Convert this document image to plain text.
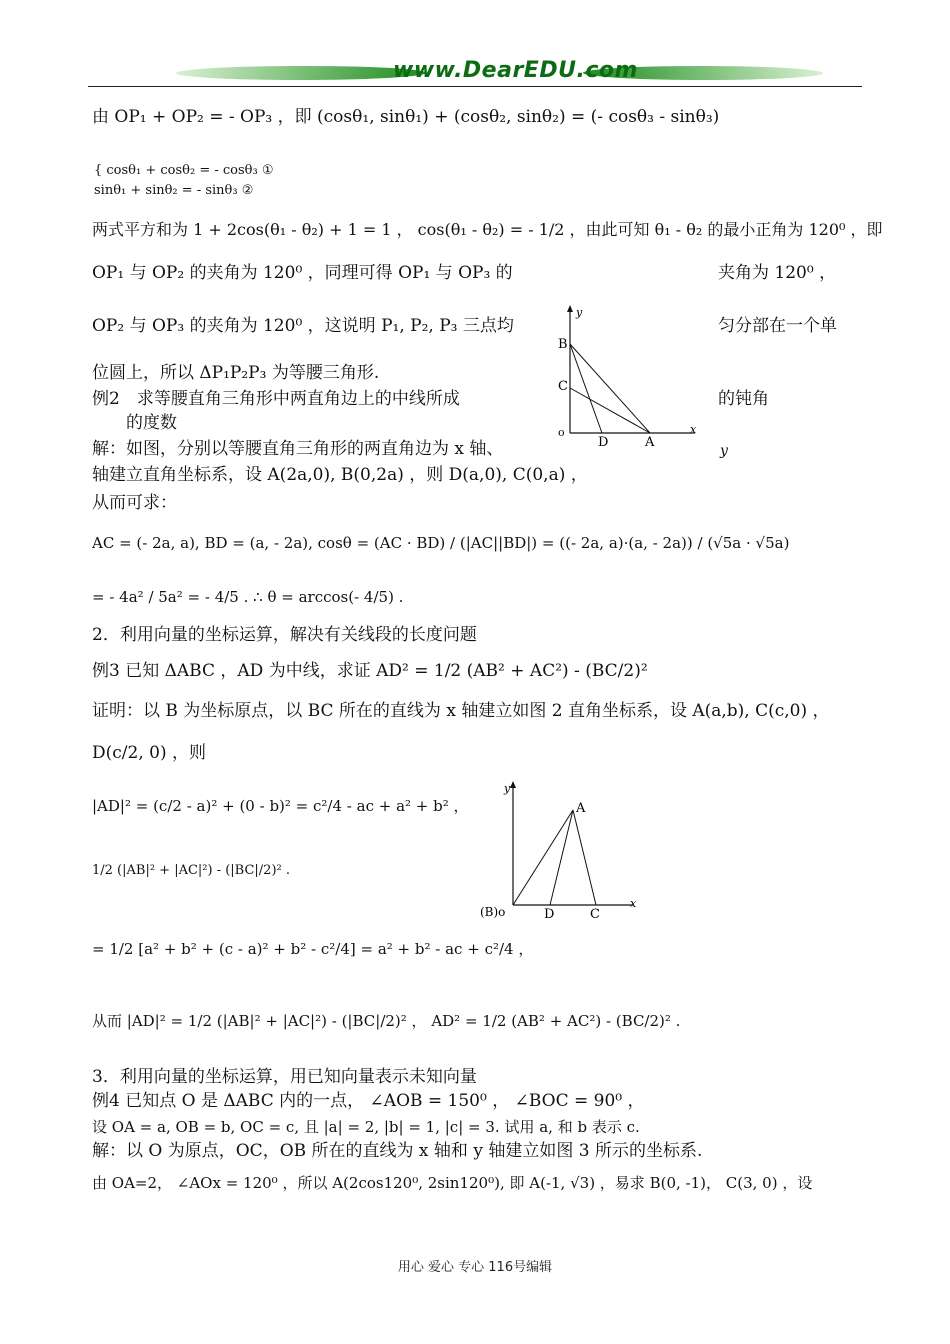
www.DearEDU.com
由 OP₁ + OP₂ = - OP₃ ，即 (cosθ₁, sinθ₁) + (cosθ₂, sinθ₂) = (- cosθ₃ - sinθ₃)
{ cosθ₁ + cosθ₂ = - cosθ₃ ①
sinθ₁ + sinθ₂ = - sinθ₃ ②
两式平方和为 1 + 2cos(θ₁ - θ₂) + 1 = 1 ， cos(θ₁ - θ₂) = - 1/2 ，由此可知 θ₁ - θ₂ 的最小正角为 120⁰ ，即
OP₁ 与 OP₂ 的夹角为 120⁰ ，同理可得 OP₁ 与 OP₃ 的	夹角为 120⁰ ，
OP₂ 与 OP₃ 的夹角为 120⁰ ，这说明 P₁, P₂, P₃ 三点均	匀分部在一个单
位圆上，所以 ΔP₁P₂P₃ 为等腰三角形.
例2　求等腰直角三角形中两直角边上的中线所成	的钝角
　　的度数
解：如图，分别以等腰直角三角形的两直角边为 x 轴、	y
轴建立直角坐标系，设 A(2a,0), B(0,2a) ，则 D(a,0), C(0,a) ，
从而可求：
AC = (- 2a, a), BD = (a, - 2a), cosθ = (AC · BD) / (|AC||BD|) = ((- 2a, a)·(a, - 2a)) / (√5a · √5a)
= - 4a² / 5a² = - 4/5 . ∴ θ = arccos(- 4/5) .
2．利用向量的坐标运算，解决有关线段的长度问题
例3 已知 ΔABC ，AD 为中线，求证 AD² = 1/2 (AB² + AC²) - (BC/2)²
证明：以 B 为坐标原点，以 BC 所在的直线为 x 轴建立如图 2 直角坐标系，设 A(a,b), C(c,0) ，
D(c/2, 0) ，则
|AD|² = (c/2 - a)² + (0 - b)² = c²/4 - ac + a² + b² ，
1/2 (|AB|² + |AC|²) - (|BC|/2)² .
= 1/2 [a² + b² + (c - a)² + b² - c²/4] = a² + b² - ac + c²/4 ，
从而 |AD|² = 1/2 (|AB|² + |AC|²) - (|BC|/2)² ， AD² = 1/2 (AB² + AC²) - (BC/2)² .
3．利用向量的坐标运算，用已知向量表示未知向量
例4 已知点 O 是 ΔABC 内的一点， ∠AOB = 150⁰ ， ∠BOC = 90⁰ ，
设 OA = a, OB = b, OC = c, 且 |a| = 2, |b| = 1, |c| = 3. 试用 a, 和 b 表示 c.
解：以 O 为原点，OC，OB 所在的直线为 x 轴和 y 轴建立如图 3 所示的坐标系.
由 OA=2， ∠AOx = 120⁰ ，所以 A(2cos120⁰, 2sin120⁰), 即 A(-1, √3) ，易求 B(0, -1)， C(3, 0) ，设
y
B
C
o
D	A
x
y
A
(B)o	D	C
x
用心 爱心 专心 116号编辑
